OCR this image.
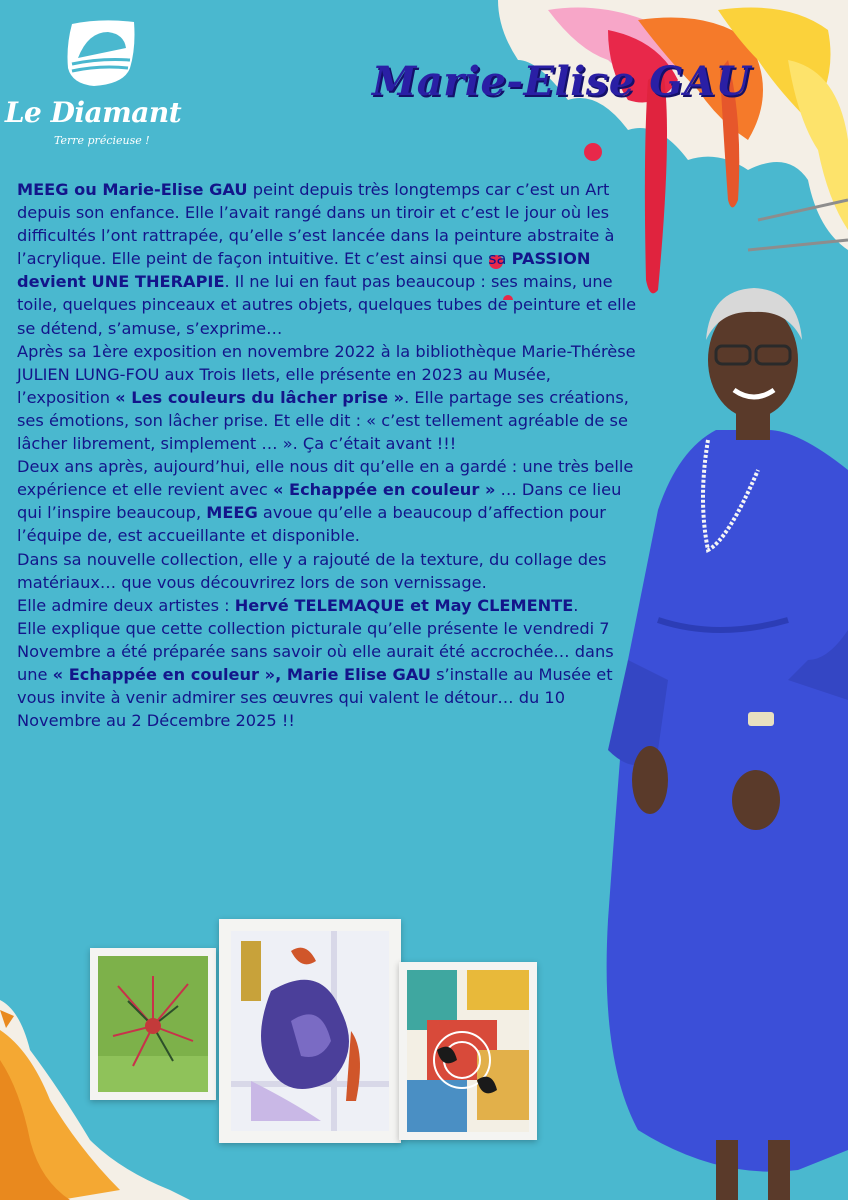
Le Diamant
Terre précieuse !
Marie-Elise GAU

MEEG ou Marie-Elise GAU peint depuis très longtemps car c’est un Art depuis son enfance. Elle l’avait rangé dans un tiroir et c’est le jour où les difficultés l’ont rattrapée, qu’elle s’est lancée dans la peinture abstraite à l’acrylique. Elle peint de façon intuitive. Et c’est ainsi que sa PASSION devient UNE THERAPIE. Il ne lui en faut pas beaucoup : ses mains, une toile, quelques pinceaux et autres objets, quelques tubes de peinture et elle se détend, s’amuse, s’exprime…

Après sa 1ère exposition en novembre 2022 à la bibliothèque Marie-Thérèse JULIEN LUNG-FOU aux Trois Ilets, elle présente en 2023 au Musée, l’exposition « Les couleurs du lâcher prise ». Elle partage ses créations, ses émotions, son lâcher prise. Et elle dit : « c’est tellement agréable de se lâcher librement, simplement … ». Ça c’était avant !!!

Deux ans après, aujourd’hui, elle nous dit qu’elle en a gardé : une très belle expérience et elle revient avec « Echappée en couleur » … Dans ce lieu qui l’inspire beaucoup, MEEG avoue qu’elle a beaucoup d’affection pour l’équipe de, est accueillante et disponible.

Dans sa nouvelle collection, elle y a rajouté de la texture, du collage des matériaux… que vous découvrirez lors de son vernissage.

Elle admire deux artistes : Hervé TELEMAQUE et May CLEMENTE.

Elle explique que cette collection picturale qu’elle présente le vendredi 7 Novembre a été préparée sans savoir où elle aurait été accrochée… dans une « Echappée en couleur », Marie Elise GAU s’installe au Musée et vous invite à venir admirer ses œuvres qui valent le détour… du 10 Novembre au 2 Décembre 2025 !!
